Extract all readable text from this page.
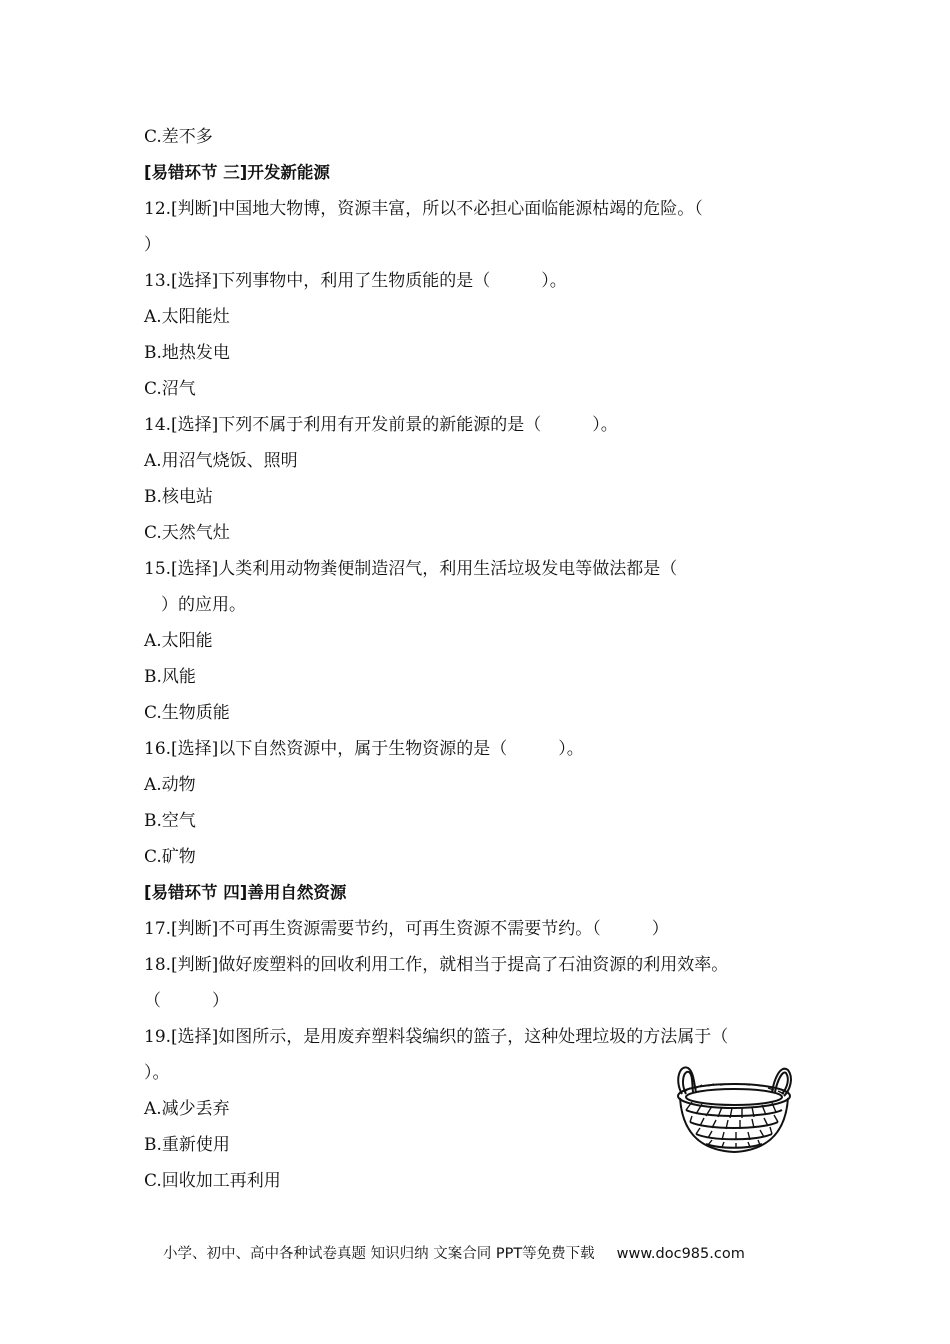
C.差不多
[易错环节 三]开发新能源
12.[判断]中国地大物博，资源丰富，所以不必担心面临能源枯竭的危险。（
）
13.[选择]下列事物中，利用了生物质能的是（　　　）。
A.太阳能灶
B.地热发电
C.沼气
14.[选择]下列不属于利用有开发前景的新能源的是（　　　）。
A.用沼气烧饭、照明
B.核电站
C.天然气灶
15.[选择]人类利用动物粪便制造沼气，利用生活垃圾发电等做法都是（
　）的应用。
A.太阳能
B.风能
C.生物质能
16.[选择]以下自然资源中，属于生物资源的是（　　　）。
A.动物
B.空气
C.矿物
[易错环节 四]善用自然资源
17.[判断]不可再生资源需要节约，可再生资源不需要节约。（　　　）
18.[判断]做好废塑料的回收利用工作，就相当于提高了石油资源的利用效率。
（　　　）
19.[选择]如图所示，是用废弃塑料袋编织的篮子，这种处理垃圾的方法属于（
）。
A.减少丢弃
B.重新使用
C.回收加工再利用
小学、初中、高中各种试卷真题 知识归纳 文案合同 PPT等免费下载 www.doc985.com
